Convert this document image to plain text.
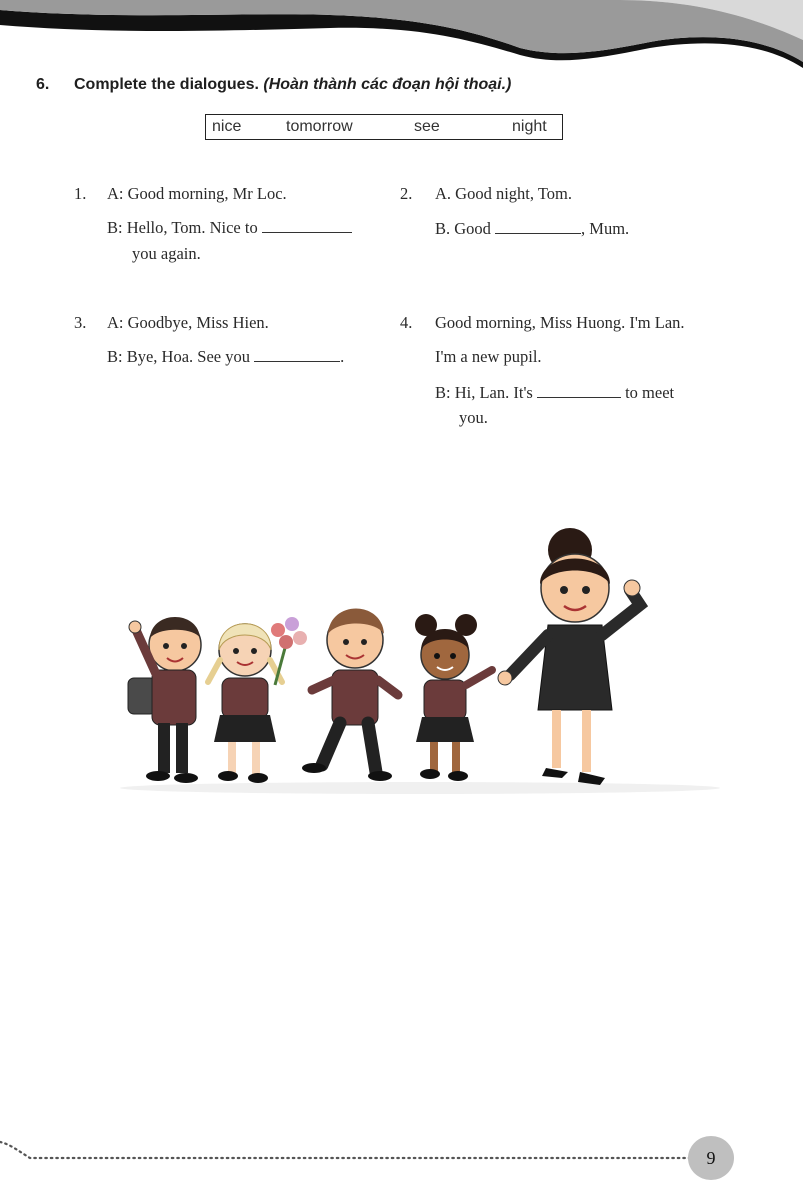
6. Complete the dialogues. (Hoàn thành các đoạn hội thoại.)
nice	tomorrow	see	night
1. A: Good morning, Mr Loc.
B: Hello, Tom. Nice to
you again.
2. A. Good night, Tom.
B. Good	, Mum.
3. A: Goodbye, Miss Hien.
B: Bye, Hoa. See you	.
4. Good morning, Miss Huong. I'm Lan.
I'm a new pupil.
B: Hi, Lan. It's	to meet
you.
9
